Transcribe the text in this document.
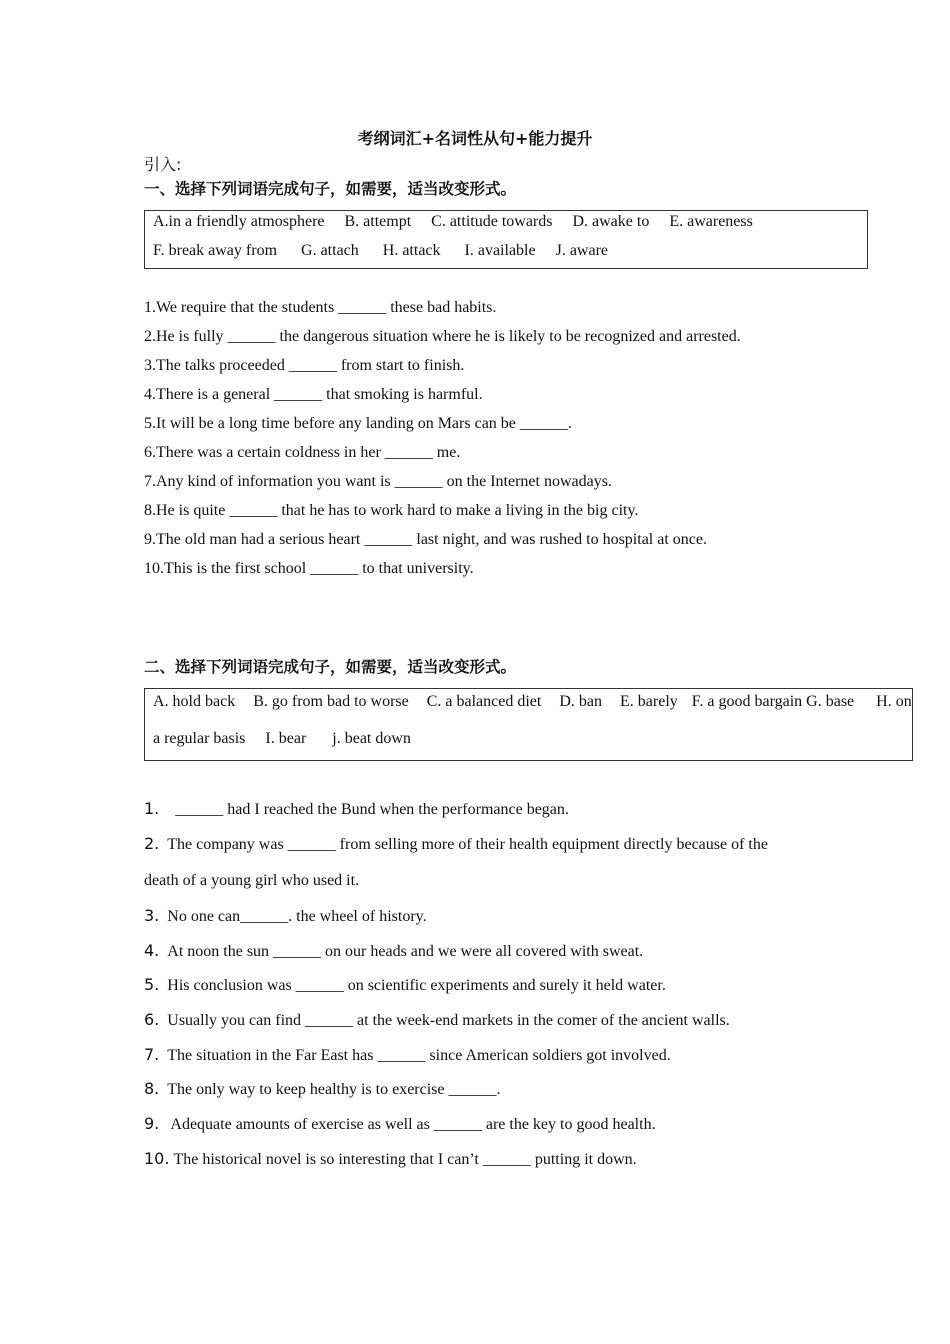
考纲词汇+名词性从句+能力提升
引入:
一、选择下列词语完成句子，如需要，适当改变形式。
A.in a friendly atmosphere B. attempt C. attitude towards D. awake to E. awareness
F. break away from G. attach H. attack I. available J. aware
1.We require that the students ______ these bad habits.
2.He is fully ______ the dangerous situation where he is likely to be recognized and arrested.
3.The talks proceeded ______ from start to finish.
4.There is a general ______ that smoking is harmful.
5.It will be a long time before any landing on Mars can be ______.
6.There was a certain coldness in her ______ me.
7.Any kind of information you want is ______ on the Internet nowadays.
8.He is quite ______ that he has to work hard to make a living in the big city.
9.The old man had a serious heart ______ last night, and was rushed to hospital at once.
10.This is the first school ______ to that university.
二、选择下列词语完成句子，如需要，适当改变形式。
A. hold back B. go from bad to worse C. a balanced diet D. ban E. barely F. a good bargain G. base H. on
a regular basis I. bear j. beat down
1.  ______ had I reached the Bund when the performance began.
2. The company was ______ from selling more of their health equipment directly because of the
death of a young girl who used it.
3. No one can______. the wheel of history.
4. At noon the sun ______ on our heads and we were all covered with sweat.
5. His conclusion was ______ on scientific experiments and surely it held water.
6. Usually you can find ______ at the week-end markets in the comer of the ancient walls.
7. The situation in the Far East has ______ since American soldiers got involved.
8. The only way to keep healthy is to exercise ______.
9. Adequate amounts of exercise as well as ______ are the key to good health.
10. The historical novel is so interesting that I can’t ______ putting it down.
